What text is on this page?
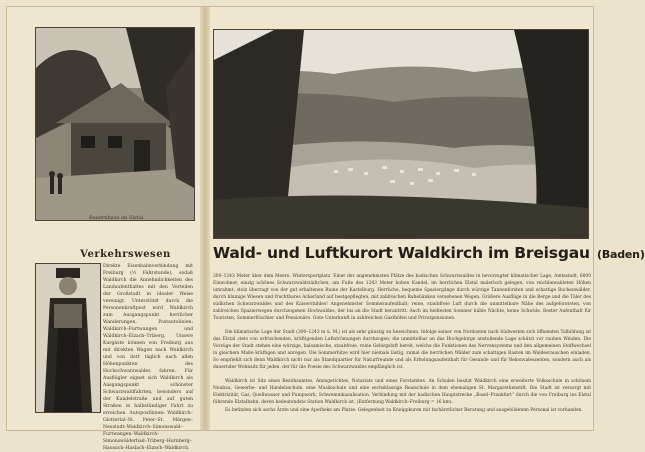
Bauernhaus im Elztal
Verkehrswesen
Direkte Eisenbahnverbindung mit Freiburg (½ Fahrstunde), sodaß Waldkirch die Annehmlichkeiten des Landaufenthaltes mit den Vorteilen der Großstadt in idealer Weise vereinigt. Unterstützt durch die Personenkraftpost wird Waldkirch zum Ausgangspunkt herrlicher Wanderungen. Postautolinien: Waldkirch–Furtwangen und Waldkirch–Elzach–Triberg. Unsere Kurgäste können von Freiburg aus mit direkten Wagen nach Waldkirch und von dort täglich nach allen Höhenpunkten des Hochschwarzwaldes fahren. Für Ausflügler eignet sich Waldkirch als Ausgangspunkt schönster Schwarzwaldfahrten, besonders auf der Kandelstraße und auf guten Straßen in halbstündiger Fahrt zu erreichen. Autopostlinien: Waldkirch–Glottertal–St. Peter–St. Märgen–Neustadt–Waldkirch–Simonswald–Furtwangen–Waldkirch–Simonswälderbad–Triberg–Hornberg–Hausach–Haslach–Elzach–Waldkirch.
Gesamtansicht von Waldkirch	Phot. Bolz
Wald- und Luftkurort Waldkirch im Breisgau (Baden)
300–1243 Meter über dem Meere. Wintersportplatz. Einer der angenehmsten Plätze des badischen Schwarzwaldes in bevorzugter klimatischer Lage, Amtsstadt, 6000 Einwohner, einzig schönes Schwarzwaldstädtchen, am Fuße des 1243 Meter hohen Kandel, im herrlichen Elztal malerisch gelegen, von reichbewaldeten Höhen umrahmt, stolz überragt von der gut erhaltenen Ruine der Kastelburg. Herrliche, bequeme Spaziergänge durch würzige Tannenforsten und schattige Buchenwälder, durch blumige Wiesen und fruchtbares Ackerland auf bestgepflegten, mit zahlreichen Ruhebänken versehenen Wegen. Größere Ausflüge in die Berge und die Täler des südlichen Schwarzwaldes und des Kaiserstuhles! Angenehmster Sommeraufenthalt; reine, staubfreie Luft durch die unmittelbare Nähe des aufgeforsteten, von zahlreichen Spazierwegen durchzogenen Hochwaldes, der bis an die Stadt herantritt. Auch im heißesten Sommer kühle Nächte, keine Schwüle. Bester Aufenthalt für Touristen, Sommerfrischler und Pensionäre. Gute Unterkunft in zahlreichen Gasthöfen und Privatpensionen.
Die klimatische Lage der Stadt (300–1243 m ü. M.) ist als sehr günstig zu bezeichnen. Infolge seiner von Nordosten nach Südwesten sich öffnenden Talbildung ist das Elztal stets von erfrischenden, kräftigenden Luftströmungen durchzogen; die unmittelbar an das Hochgebirge anstoßende Lage schützt vor rauhen Winden. Die Vorzüge der Stadt stehen eine würzige, balsamische, staubfreie, reine Gebirgsluft bereit, welche die Funktionen des Nervensystems und den allgemeinen Stoffwechsel in gleichem Maße kräftigen und anregen. Die Sommerhitze wird hier niemals lästig, zumal die herrlichen Wälder zum schattigen Rasten im Waldesrauschen einladen. So empfiehlt sich denn Waldkirch nicht nur als Standquartier für Naturfreunde und als Erholungsaufenthalt für Gesunde und für Rekonvaleszenten, sondern auch als dauernder Wohnsitz für jeden, der für die Poesie des Schwarzwaldes empfänglich ist.
Waldkirch ist Sitz eines Bezirksamtes, Amtsgerichtes, Notariats und eines Forstamtes. An Schulen besitzt Waldkirch eine erweiterte Volksschule in schönem Neubau, Gewerbe- und Handelsschule, eine Musikschule und eine sechsklassige Realschule in dem ehemaligen St. Margarethenstift. Die Stadt ist versorgt mit Elektrizität, Gas, Quellwasser und Pumpwerk, Schwemmkanalisation. Verbindung mit der badischen Hauptstrecke „Basel–Frankfurt“ durch die von Freiburg ins Elztal führende Elztalbahn, deren bedeutendste Station Waldkirch ist. (Entfernung Waldkirch–Freiburg = 16 km).
Es befinden sich sechs Ärzte und eine Apotheke am Platze. Gelegenheit zu Kneippkuren mit fachärztlicher Beratung und ausgebildetem Personal ist vorhanden.
